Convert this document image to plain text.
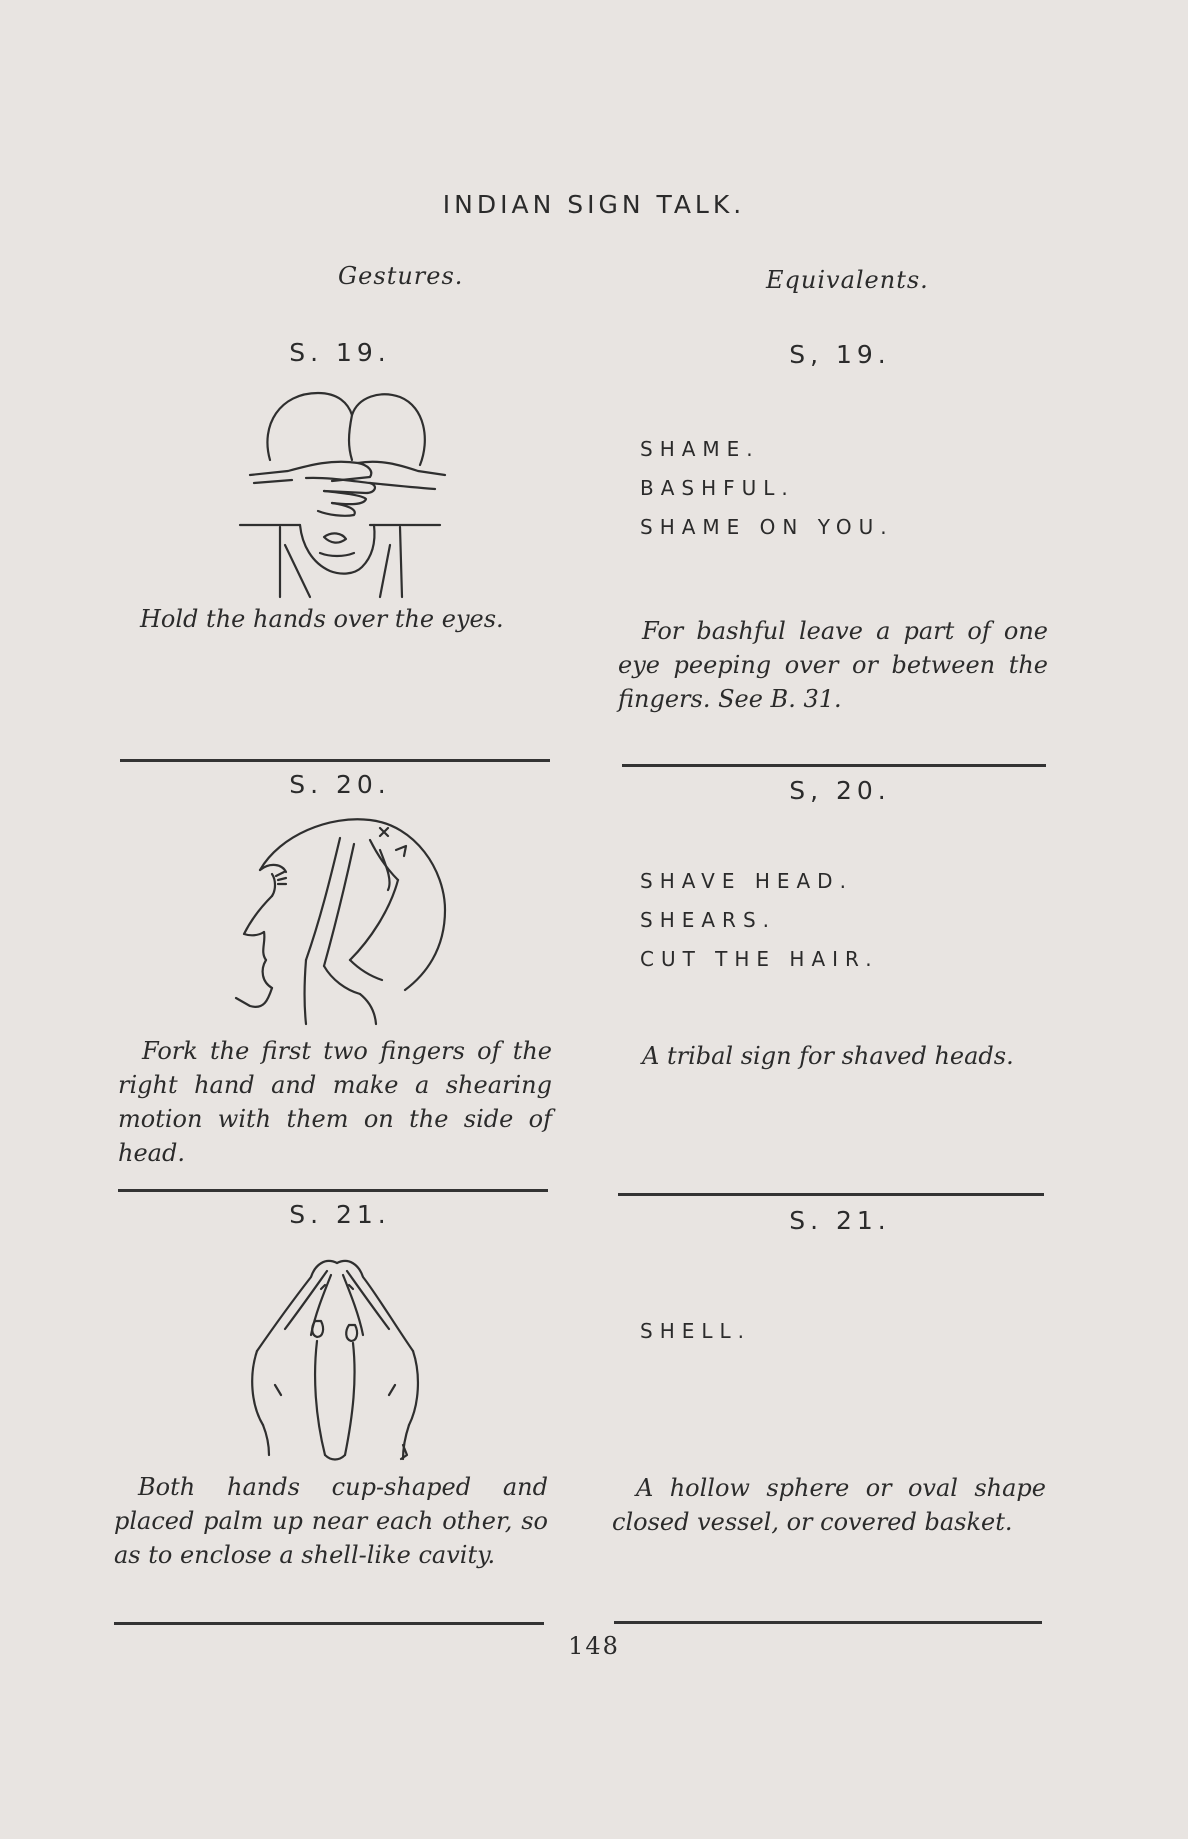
INDIAN SIGN TALK.
Gestures.	Equivalents.
S. 19.	S, 19.
Hold the hands over the eyes.
SHAME.
BASHFUL.
SHAME ON YOU.
For bashful leave a part of one eye peeping over or between the fingers. See B. 31.
S. 20.	S, 20.
Fork the first two fingers of the right hand and make a shearing motion with them on the side of head.
SHAVE HEAD.
SHEARS.
CUT THE HAIR.
A tribal sign for shaved heads.
S. 21.	S. 21.
Both hands cup-shaped and placed palm up near each other, so as to enclose a shell-like cavity.
SHELL.
A hollow sphere or oval shape closed vessel, or covered basket.
148
